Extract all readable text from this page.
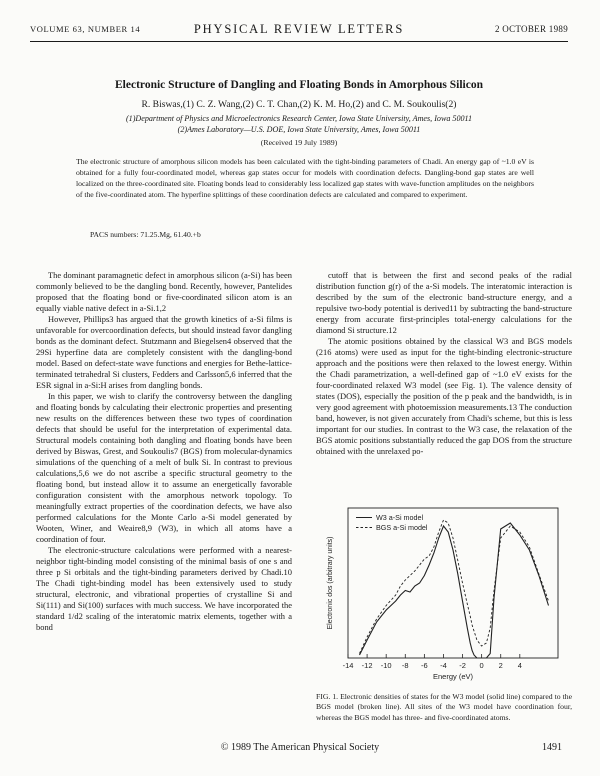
VOLUME 63, NUMBER 14	PHYSICAL REVIEW LETTERS	2 OCTOBER 1989
Electronic Structure of Dangling and Floating Bonds in Amorphous Silicon
R. Biswas,(1) C. Z. Wang,(2) C. T. Chan,(2) K. M. Ho,(2) and C. M. Soukoulis(2)
(1)Department of Physics and Microelectronics Research Center, Iowa State University, Ames, Iowa 50011
(2)Ames Laboratory—U.S. DOE, Iowa State University, Ames, Iowa 50011
(Received 19 July 1989)

The electronic structure of amorphous silicon models has been calculated with the tight-binding parameters of Chadi. An energy gap of ~1.0 eV is obtained for a fully four-coordinated model, whereas gap states occur for models with coordination defects. Dangling-bond gap states are well localized on the three-coordinated site. Floating bonds lead to considerably less localized gap states with wave-function amplitudes on the neighbors of the five-coordinated atom. The hyperfine splittings of these coordination defects are calculated and compared to experiment.

PACS numbers: 71.25.Mg, 61.40.+b

The dominant paramagnetic defect in amorphous silicon (a-Si) has been commonly believed to be the dangling bond. Recently, however, Pantelides proposed that the floating bond or five-coordinated silicon atom is an equally viable native defect in a-Si.1,2

However, Phillips3 has argued that the growth kinetics of a-Si films is unfavorable for overcoordination defects, but should instead favor dangling bonds as the dominant defect. Stutzmann and Biegelsen4 observed that the 29Si hyperfine data are completely consistent with the dangling-bond model. Based on defect-state wave functions and energies for Bethe-lattice-terminated tetrahedral Si clusters, Fedders and Carlsson5,6 inferred that the ESR signal in a-Si:H arises from dangling bonds.

In this paper, we wish to clarify the controversy between the dangling and floating bonds by calculating their electronic properties and presenting new results on the differences between these two types of coordination defects that should be useful for the interpretation of experimental data. Structural models containing both dangling and floating bonds have been derived by Biswas, Grest, and Soukoulis7 (BGS) from molecular-dynamics simulations of the quenching of a melt of bulk Si. In contrast to previous calculations,5,6 we do not ascribe a specific structural geometry to the floating bond, but instead allow it to assume an energetically favorable configuration consistent with the amorphous network topology. To meaningfully extract properties of the coordination defects, we have also performed calculations for the Monte Carlo a-Si model generated by Wooten, Winer, and Weaire8,9 (W3), in which all atoms have a coordination of four.

The electronic-structure calculations were performed with a nearest-neighbor tight-binding model consisting of the minimal basis of one s and three p Si orbitals and the tight-binding parameters derived by Chadi.10 The Chadi tight-binding model has been extensively used to study structural, electronic, and vibrational properties of crystalline Si and Si(111) and Si(100) surfaces with much success. We have incorporated the standard 1/d2 scaling of the interatomic matrix elements, together with a bond

cutoff that is between the first and second peaks of the radial distribution function g(r) of the a-Si models. The interatomic interaction is described by the sum of the electronic band-structure energy, and a repulsive two-body potential is derived11 by subtracting the band-structure energy from accurate first-principles total-energy calculations for the diamond Si structure.12

The atomic positions obtained by the classical W3 and BGS models (216 atoms) were used as input for the tight-binding electronic-structure approach and the positions were then relaxed to the lowest energy. Within the Chadi parametrization, a well-defined gap of ~1.0 eV exists for the four-coordinated relaxed W3 model (see Fig. 1). The valence density of states (DOS), especially the position of the p peak and the bandwidth, is in very good agreement with photoemission measurements.13 The conduction band, however, is not given accurately from Chadi's scheme, but this is less important for our studies. In contrast to the W3 case, the relaxation of the BGS atomic positions substantially reduced the gap DOS from the structure obtained with the unrelaxed po-

-14 -12 -10 -8 -6 -4 -2 0 2 4
Energy (eV)
Electronic dos (arbitrary units)
W3 a-Si model
BGS a-Si model
FIG. 1. Electronic densities of states for the W3 model (solid line) compared to the BGS model (broken line). All sites of the W3 model have coordination four, whereas the BGS model has three- and five-coordinated atoms.
© 1989 The American Physical Society	1491
